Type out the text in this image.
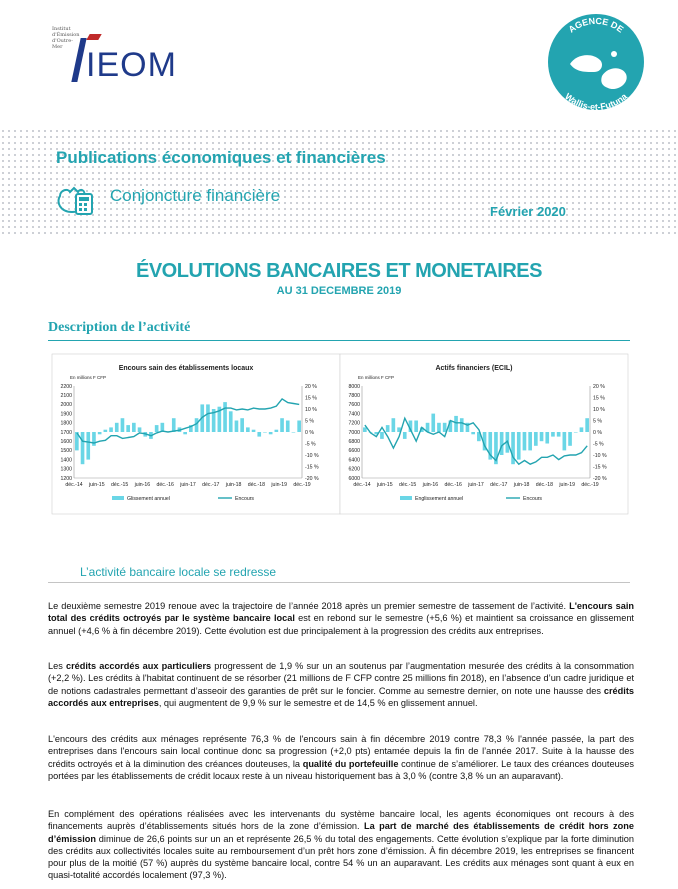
Institut d'Émission d'Outre-Mer IEOM
AGENCE DE
Wallis-et-Futuna
Publications économiques et financières
Conjoncture financière
Février 2020
ÉVOLUTIONS BANCAIRES ET MONETAIRES
AU 31 DECEMBRE 2019
Description de l’activité
Encours sain des établissements locaux
En millions F CFP
1200
1300
1400
1500
1600
1700
1800
1900
2000
2100
2200
-20 %
-15 %
-10 %
-5 %
0 %
5 %
10 %
15 %
20 %
déc.-14 juin-15 déc.-15 juin-16 déc.-16 juin-17 déc.-17 juin-18 déc.-18 juin-19 déc.-19
Glissement annuel	Encours
Actifs financiers (ECIL)
En millions F CFP
6000
6200
6400
6600
6800
7000
7200
7400
7600
7800
8000
-20 %
-15 %
-10 %
-5 %
0 %
5 %
10 %
15 %
20 %
déc.-14 juin-15 déc.-15 juin-16 déc.-16 juin-17 déc.-17 juin-18 déc.-18 juin-19 déc.-19
Englissement annuel	Encours
L’activité bancaire locale se redresse
Le deuxième semestre 2019 renoue avec la trajectoire de l’année 2018 après un premier semestre de tassement de l’activité. L'encours sain total des crédits octroyés par le système bancaire local est en rebond sur le semestre (+5,6 %) et maintient sa croissance en glissement annuel (+4,6 % à fin décembre 2019). Cette évolution est due principalement à la progression des crédits aux entreprises.
Les crédits accordés aux particuliers progressent de 1,9 % sur un an soutenus par l’augmentation mesurée des crédits à la consommation (+2,2 %). Les crédits à l'habitat continuent de se résorber (21 millions de F CFP contre 25 millions fin 2018), en l’absence d’un cadre juridique et de notions cadastrales permettant d’asseoir des garanties de prêt sur le foncier. Comme au semestre dernier, on note une hausse des crédits accordés aux entreprises, qui augmentent de 9,9 % sur le semestre et de 14,5 % en glissement annuel.
L'encours des crédits aux ménages représente 76,3 % de l'encours sain à fin décembre 2019 contre 78,3 % l'année passée, la part des entreprises dans l'encours sain local continue donc sa progression (+2,0 pts) entamée depuis la fin de l’année 2017. Suite à la hausse des crédits octroyés et à la diminution des créances douteuses, la qualité du portefeuille continue de s’améliorer. Le taux des créances douteuses portées par les établissements de crédit locaux reste à un niveau historiquement bas à 3,0 % (contre 3,8 % un an auparavant).
En complément des opérations réalisées avec les intervenants du système bancaire local, les agents économiques ont recours à des financements auprès d’établissements situés hors de la zone d’émission. La part de marché des établissements de crédit hors zone d’émission diminue de 26,6 points sur un an et représente 26,5 % du total des engagements. Cette évolution s’explique par la forte diminution des crédits aux collectivités locales suite au remboursement d’un prêt hors zone d’émission. À fin décembre 2019, les entreprises se financent pour plus de la moitié (57 %) auprès du système bancaire local, contre 54 % un an auparavant. Les crédits aux ménages sont quant à eux en quasi-totalité accordés localement (97,3 %).
